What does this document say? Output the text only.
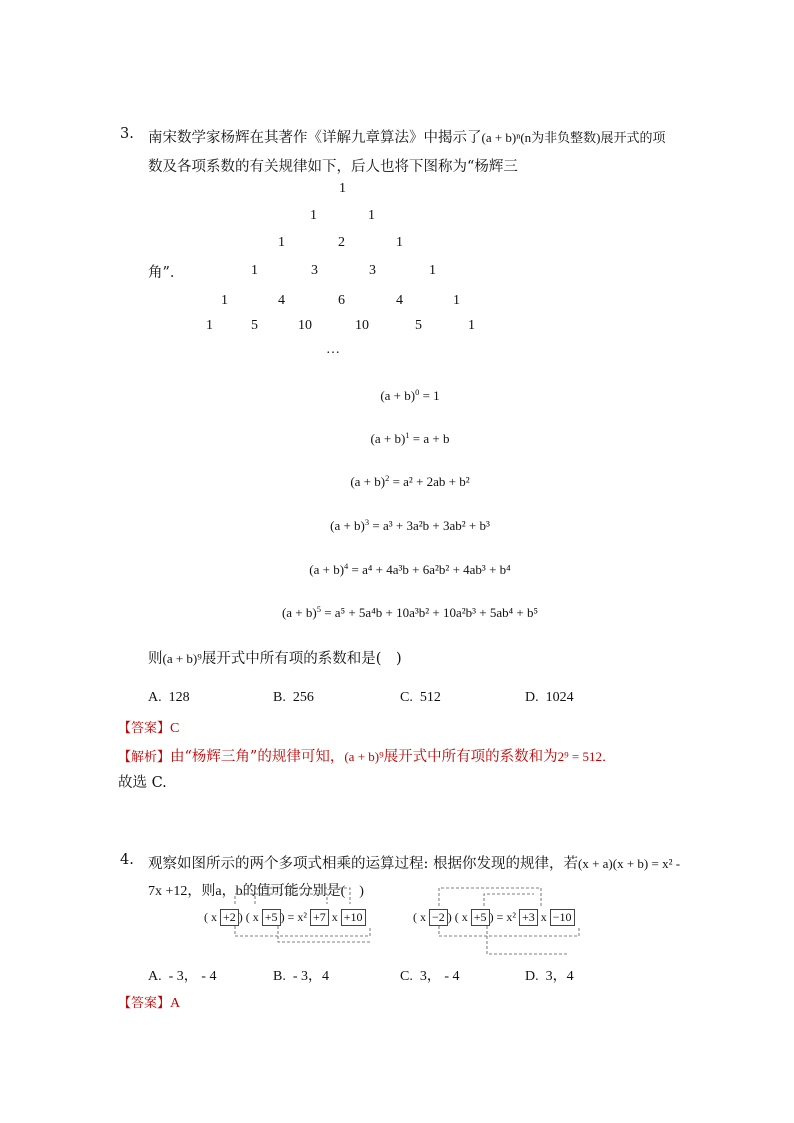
3. 南宋数学家杨辉在其著作《详解九章算法》中揭示了(a + b)ⁿ(n为非负整数)展开式的项
数及各项系数的有关规律如下，后人也将下图称为“杨辉三
角”．
1
1	1
1	2	1
1	3	3	1
1	4	6	4	1
1	5	10	10	5	1
…
$(a + b)^0 = 1$
$(a + b)^1 = a + b$
$(a + b)^2 = a^2 + 2ab + b^2$
$(a + b)^3 = a^3 + 3a^2b + 3ab^2 + b^3$
$(a + b)^4 = a^4 + 4a^3b + 6a^2b^2 + 4ab^3 + b^4$
$(a + b)^5 = a^5 + 5a^4b + 10a^3b^2 + 10a^2b^3 + 5ab^4 + b^5$
则(a + b)⁹展开式中所有项的系数和是(　)
A. 128	B. 256	C. 512	D. 1024
【答案】C
【解析】由“杨辉三角”的规律可知，(a + b)⁹展开式中所有项的系数和为2⁹ = 512．
故选 C.
4. 观察如图所示的两个多项式相乘的运算过程: 根据你发现的规律，若(x + a)(x + b) = x² -
7x +12，则a，b的值可能分别是(　)
( x +2 ) ( x +5 ) = x² +7 x +10	( x −2 ) ( x +5 ) = x² +3 x −10
A. - 3， - 4	B. - 3，4	C. 3， - 4	D. 3，4
【答案】A
